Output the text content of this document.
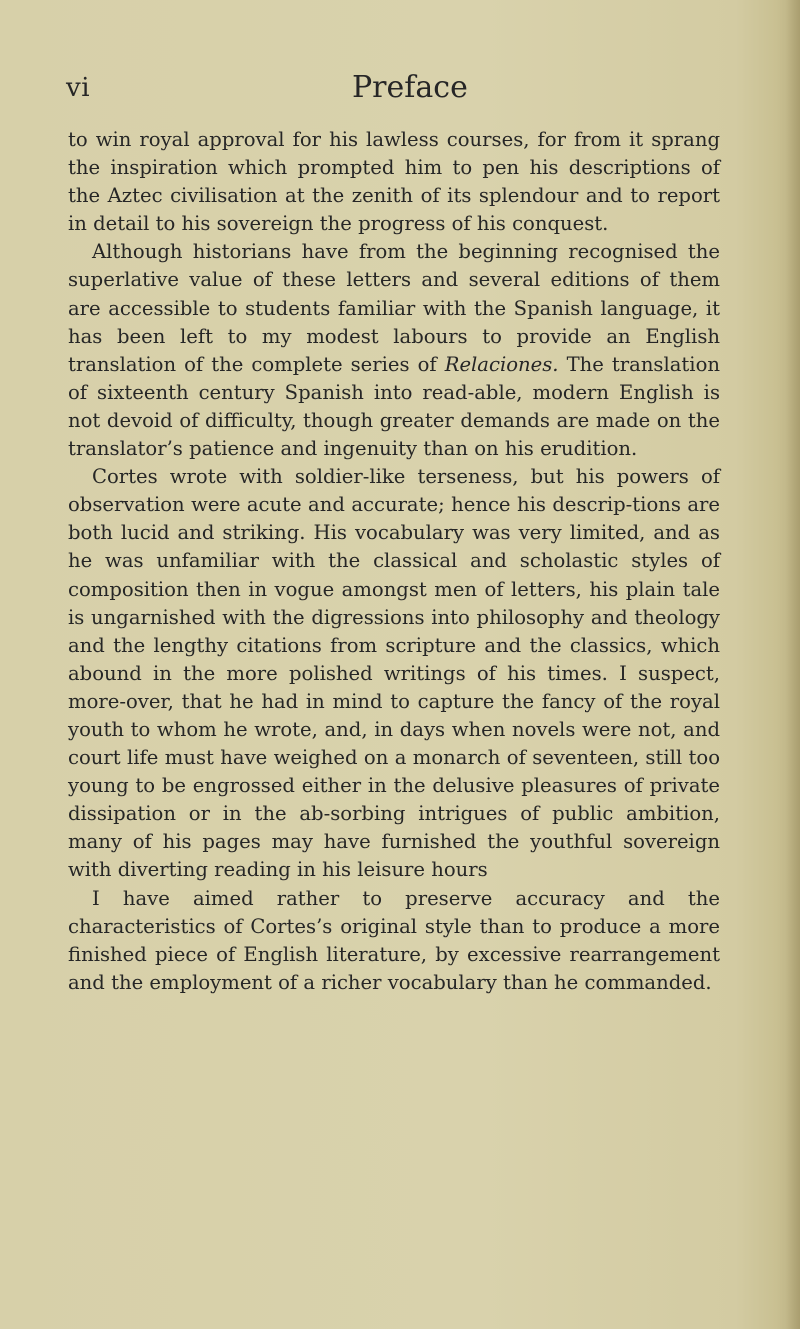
vi	Preface

to win royal approval for his lawless courses, for from it sprang the inspiration which prompted him to pen his descriptions of the Aztec civilisation at the zenith of its splendour and to report in detail to his sovereign the progress of his conquest.

Although historians have from the beginning recognised the superlative value of these letters and several editions of them are accessible to students familiar with the Spanish language, it has been left to my modest labours to provide an English translation of the complete series of Relaciones. The translation of sixteenth century Spanish into read-able, modern English is not devoid of difficulty, though greater demands are made on the translator’s patience and ingenuity than on his erudition.

Cortes wrote with soldier-like terseness, but his powers of observation were acute and accurate; hence his descrip-tions are both lucid and striking. His vocabulary was very limited, and as he was unfamiliar with the classical and scholastic styles of composition then in vogue amongst men of letters, his plain tale is ungarnished with the digressions into philosophy and theology and the lengthy citations from scripture and the classics, which abound in the more polished writings of his times. I suspect, more-over, that he had in mind to capture the fancy of the royal youth to whom he wrote, and, in days when novels were not, and court life must have weighed on a monarch of seventeen, still too young to be engrossed either in the delusive pleasures of private dissipation or in the ab-sorbing intrigues of public ambition, many of his pages may have furnished the youthful sovereign with diverting reading in his leisure hours

I have aimed rather to preserve accuracy and the characteristics of Cortes’s original style than to produce a more finished piece of English literature, by excessive rearrangement and the employment of a richer vocabulary than he commanded.
